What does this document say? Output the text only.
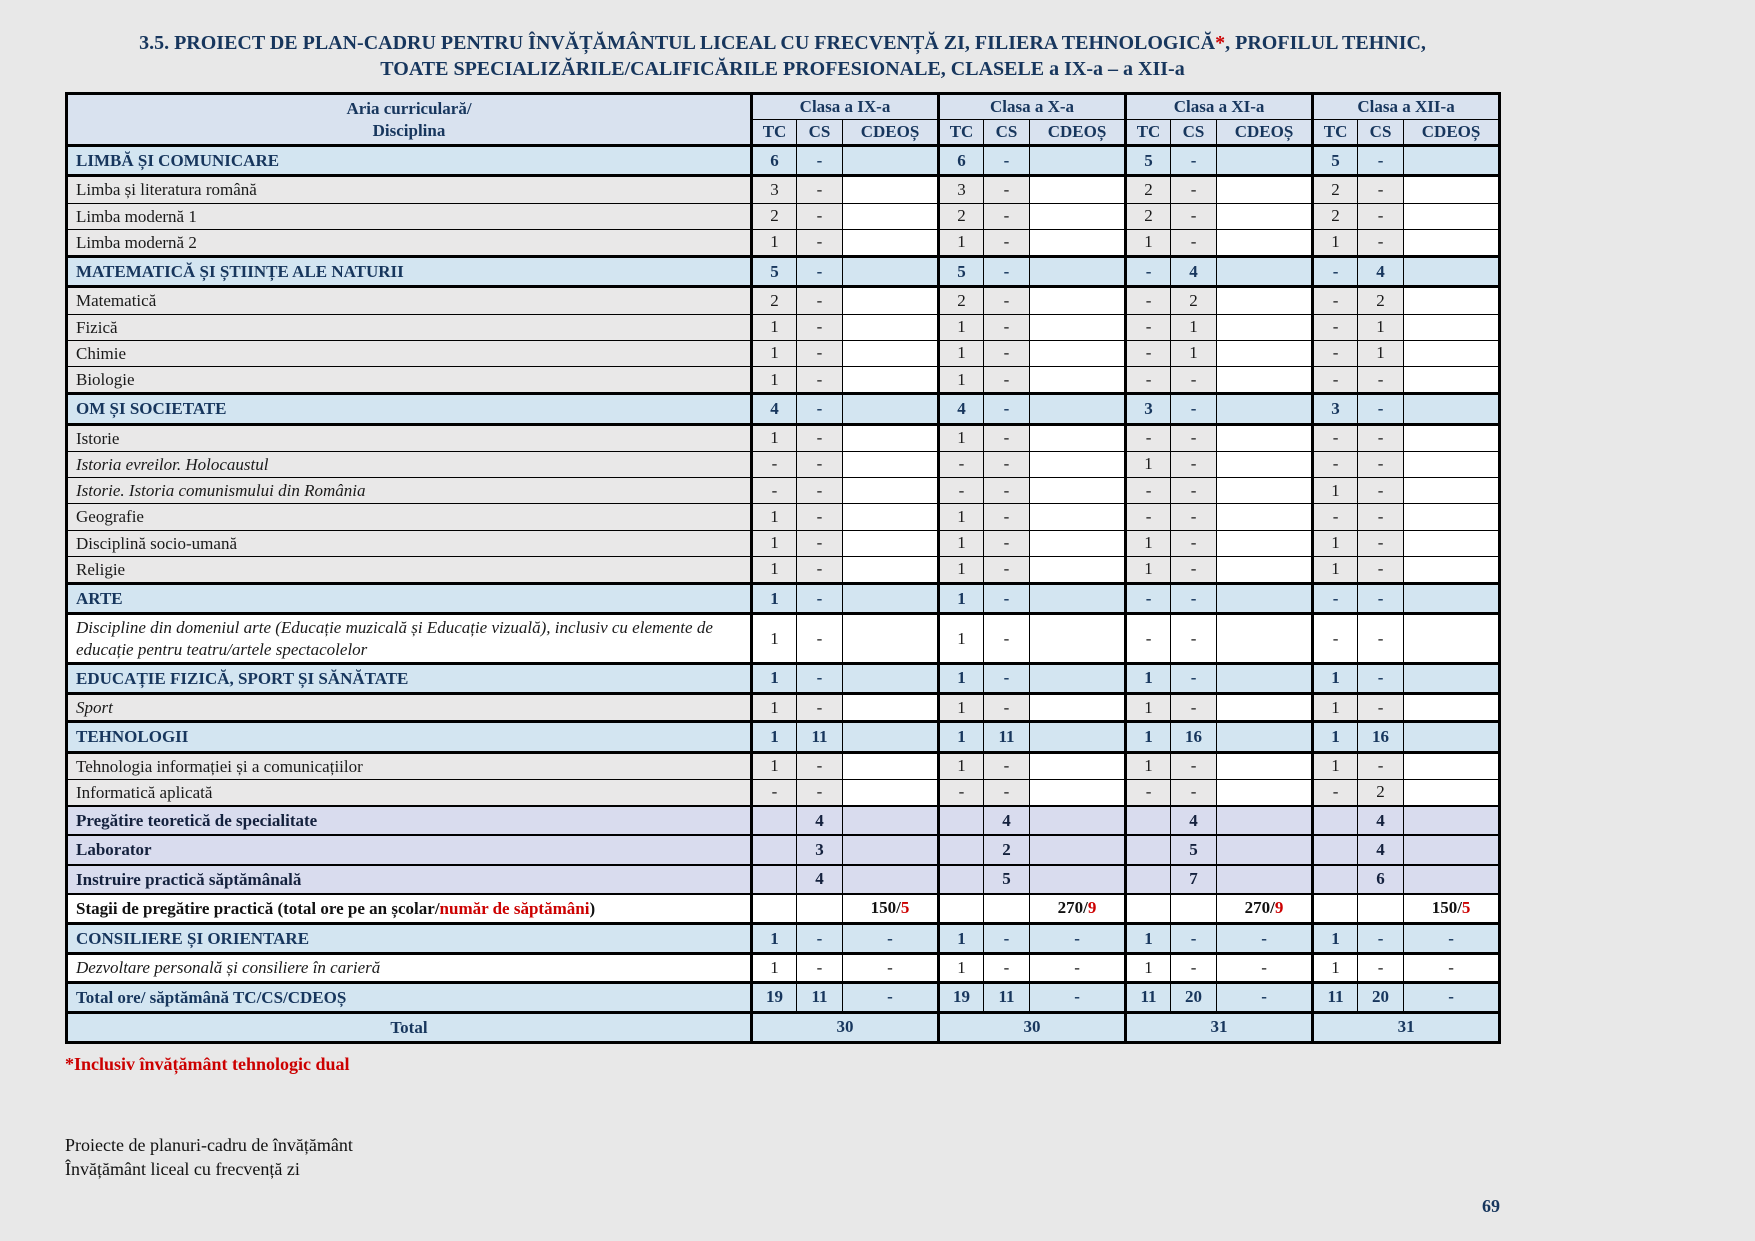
3.5. PROIECT DE PLAN-CADRU PENTRU ÎNVĂȚĂMÂNTUL LICEAL CU FRECVENȚĂ ZI, FILIERA TEHNOLOGICĂ*, PROFILUL TEHNIC,
TOATE SPECIALIZĂRILE/CALIFICĂRILE PROFESIONALE, CLASELE a IX-a – a XII-a
Aria curriculară/
Disciplina	Clasa a IX-a			Clasa a X-a			Clasa a XI-a			Clasa a XII-a		
	TC	CS	CDEOȘ	TC	CS	CDEOȘ	TC	CS	CDEOȘ	TC	CS	CDEOȘ
LIMBĂ ȘI COMUNICARE	6	-		6	-		5	-		5	-	
Limba și literatura română	3	-		3	-		2	-		2	-	
Limba modernă 1	2	-		2	-		2	-		2	-	
Limba modernă 2	1	-		1	-		1	-		1	-	
MATEMATICĂ ȘI ȘTIINȚE ALE NATURII	5	-		5	-		-	4		-	4	
Matematică	2	-		2	-		-	2		-	2	
Fizică	1	-		1	-		-	1		-	1	
Chimie	1	-		1	-		-	1		-	1	
Biologie	1	-		1	-		-	-		-	-	
OM ȘI SOCIETATE	4	-		4	-		3	-		3	-	
Istorie	1	-		1	-		-	-		-	-	
Istoria evreilor. Holocaustul	-	-		-	-		1	-		-	-	
Istorie. Istoria comunismului din România	-	-		-	-		-	-		1	-	
Geografie	1	-		1	-		-	-		-	-	
Disciplină socio-umană	1	-		1	-		1	-		1	-	
Religie	1	-		1	-		1	-		1	-	
ARTE	1	-		1	-		-	-		-	-	
Discipline din domeniul arte (Educație muzicală și Educație vizuală), inclusiv cu elemente de educație pentru teatru/artele spectacolelor	1	-		1	-		-	-		-	-	
EDUCAȚIE FIZICĂ, SPORT ȘI SĂNĂTATE	1	-		1	-		1	-		1	-	
Sport	1	-		1	-		1	-		1	-	
TEHNOLOGII	1	11		1	11		1	16		1	16	
Tehnologia informației și a comunicațiilor	1	-		1	-		1	-		1	-	
Informatică aplicată	-	-		-	-		-	-		-	2	
Pregătire teoretică de specialitate		4			4			4			4	
Laborator		3			2			5			4	
Instruire practică săptămânală		4			5			7			6	
Stagii de pregătire practică (total ore pe an școlar/număr de săptămâni)			150/5			270/9			270/9			150/5
CONSILIERE ȘI ORIENTARE	1	-	-	1	-	-	1	-	-	1	-	-
Dezvoltare personală și consiliere în carieră	1	-	-	1	-	-	1	-	-	1	-	-
Total ore/ săptămână TC/CS/CDEOȘ	19	11	-	19	11	-	11	20	-	11	20	-
Total	30			30			31			31		
*Inclusiv învățământ tehnologic dual
Proiecte de planuri-cadru de învățământ
Învățământ liceal cu frecvență zi
69
